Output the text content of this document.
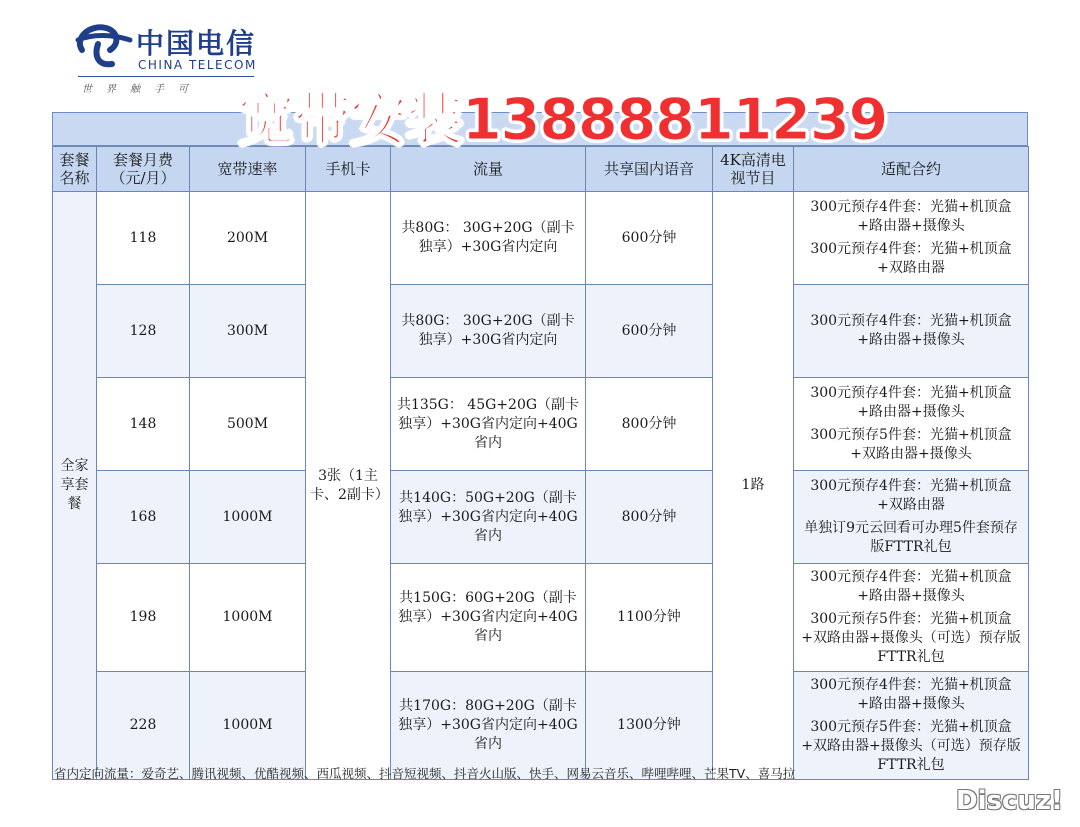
中国电信
CHINA TELECOM
世界触手可 宽带安装13888811239
套餐名称	套餐月费（元/月）	宽带速率	手机卡	流量	共享国内语音	4K高清电视节目	适配合约
全家享套餐	118	200M	3张（1主卡、2副卡）	共80G： 30G+20G（副卡独享）+30G省内定向	600分钟	1路	300元预存4件套：光猫+机顶盒+路由器+摄像头
300元预存4件套：光猫+机顶盒+双路由器

	128	300M		共80G： 30G+20G（副卡独享）+30G省内定向	600分钟		300元预存4件套：光猫+机顶盒+路由器+摄像头

	148	500M		共135G： 45G+20G（副卡独享）+30G省内定向+40G省内	800分钟		300元预存4件套：光猫+机顶盒+路由器+摄像头
300元预存5件套：光猫+机顶盒+双路由器+摄像头

	168	1000M		共140G：50G+20G（副卡独享）+30G省内定向+40G省内	800分钟		300元预存4件套：光猫+机顶盒+双路由器
单独订9元云回看可办理5件套预存版FTTR礼包

	198	1000M		共150G：60G+20G（副卡独享）+30G省内定向+40G省内	1100分钟		300元预存4件套：光猫+机顶盒+路由器+摄像头
300元预存5件套：光猫+机顶盒+双路由器+摄像头（可选）预存版FTTR礼包

	228	1000M		共170G：80G+20G（副卡独享）+30G省内定向+40G省内	1300分钟		300元预存4件套：光猫+机顶盒+路由器+摄像头
300元预存5件套：光猫+机顶盒+双路由器+摄像头（可选）预存版FTTR礼包
省内定向流量：爱奇艺、腾讯视频、优酷视频、西瓜视频、抖音短视频、抖音火山版、快手、网易云音乐、哔哩哔哩、芒果TV、喜马拉
Discuz!
